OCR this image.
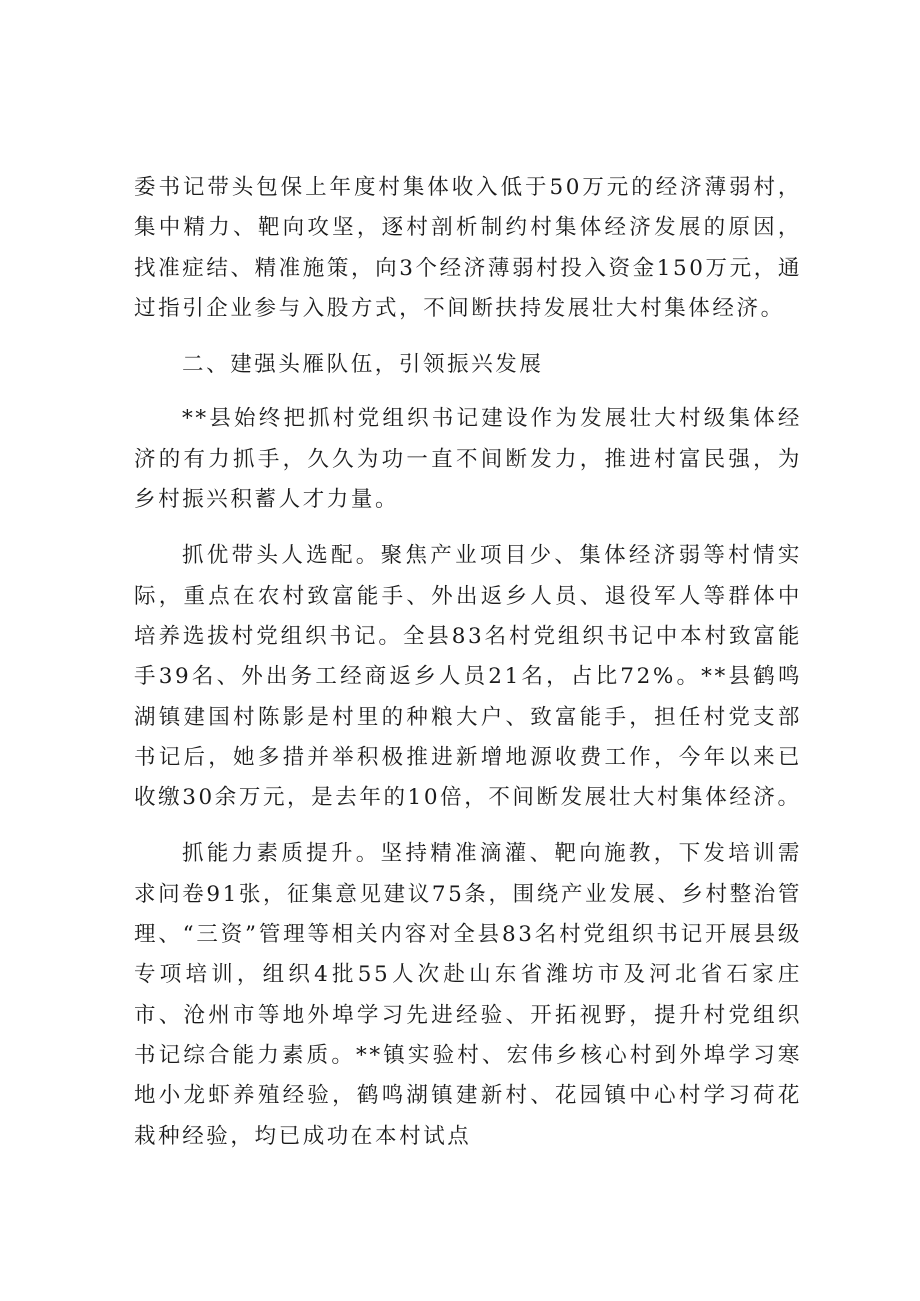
委书记带头包保上年度村集体收入低于50万元的经济薄弱村，集中精力、靶向攻坚，逐村剖析制约村集体经济发展的原因，找准症结、精准施策，向3个经济薄弱村投入资金150万元，通过指引企业参与入股方式，不间断扶持发展壮大村集体经济。

二、建强头雁队伍，引领振兴发展

**县始终把抓村党组织书记建设作为发展壮大村级集体经济的有力抓手，久久为功一直不间断发力，推进村富民强，为乡村振兴积蓄人才力量。

抓优带头人选配。聚焦产业项目少、集体经济弱等村情实际，重点在农村致富能手、外出返乡人员、退役军人等群体中培养选拔村党组织书记。全县83名村党组织书记中本村致富能手39名、外出务工经商返乡人员21名，占比72%。**县鹤鸣湖镇建国村陈影是村里的种粮大户、致富能手，担任村党支部书记后，她多措并举积极推进新增地源收费工作，今年以来已收缴30余万元，是去年的10倍，不间断发展壮大村集体经济。

抓能力素质提升。坚持精准滴灌、靶向施教，下发培训需求问卷91张，征集意见建议75条，围绕产业发展、乡村整治管理、“三资”管理等相关内容对全县83名村党组织书记开展县级专项培训，组织4批55人次赴山东省潍坊市及河北省石家庄市、沧州市等地外埠学习先进经验、开拓视野，提升村党组织书记综合能力素质。**镇实验村、宏伟乡核心村到外埠学习寒地小龙虾养殖经验，鹤鸣湖镇建新村、花园镇中心村学习荷花栽种经验，均已成功在本村试点
